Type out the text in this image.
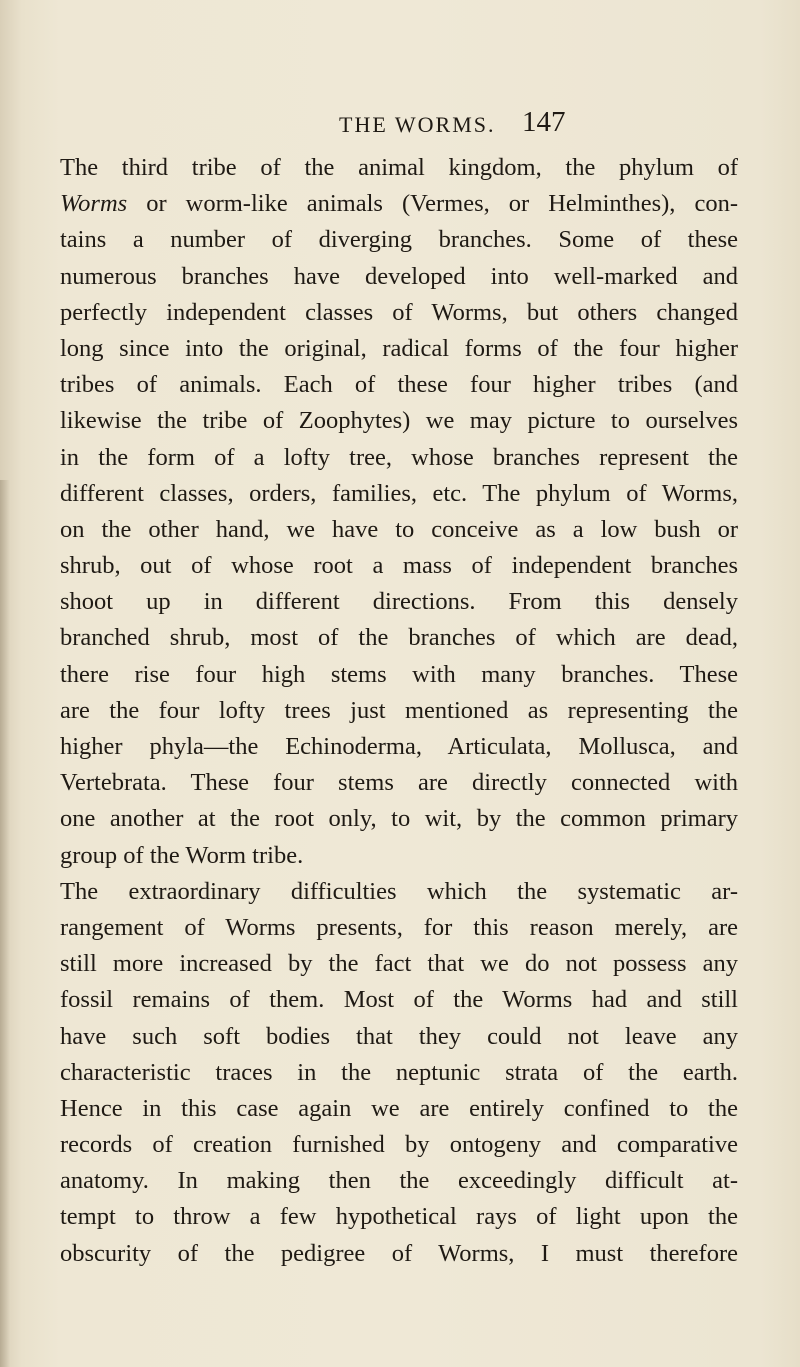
THE WORMS. 147
The third tribe of the animal kingdom, the phylum of
Worms or worm-like animals (Vermes, or Helminthes), con-
tains a number of diverging branches. Some of these
numerous branches have developed into well-marked and
perfectly independent classes of Worms, but others changed
long since into the original, radical forms of the four higher
tribes of animals. Each of these four higher tribes (and
likewise the tribe of Zoophytes) we may picture to ourselves
in the form of a lofty tree, whose branches represent the
different classes, orders, families, etc. The phylum of Worms,
on the other hand, we have to conceive as a low bush or
shrub, out of whose root a mass of independent branches
shoot up in different directions. From this densely
branched shrub, most of the branches of which are dead,
there rise four high stems with many branches. These
are the four lofty trees just mentioned as representing the
higher phyla—the Echinoderma, Articulata, Mollusca, and
Vertebrata. These four stems are directly connected with
one another at the root only, to wit, by the common primary
group of the Worm tribe.
The extraordinary difficulties which the systematic ar-
rangement of Worms presents, for this reason merely, are
still more increased by the fact that we do not possess any
fossil remains of them. Most of the Worms had and still
have such soft bodies that they could not leave any
characteristic traces in the neptunic strata of the earth.
Hence in this case again we are entirely confined to the
records of creation furnished by ontogeny and comparative
anatomy. In making then the exceedingly difficult at-
tempt to throw a few hypothetical rays of light upon the
obscurity of the pedigree of Worms, I must therefore
